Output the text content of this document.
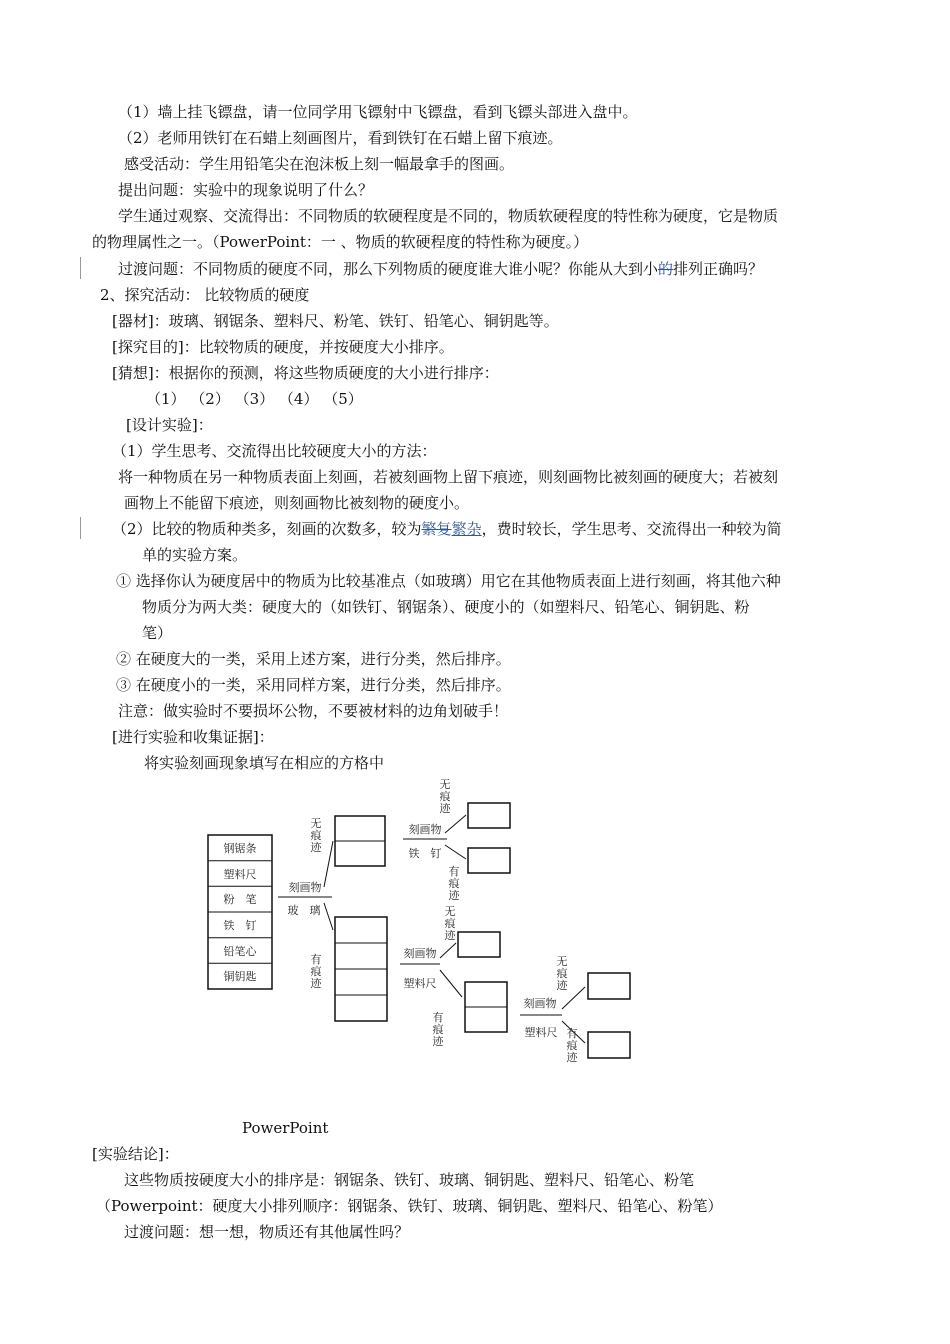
（1）墙上挂飞镖盘，请一位同学用飞镖射中飞镖盘，看到飞镖头部进入盘中。
（2）老师用铁钉在石蜡上刻画图片，看到铁钉在石蜡上留下痕迹。
感受活动：学生用铅笔尖在泡沫板上刻一幅最拿手的图画。
提出问题：实验中的现象说明了什么？
学生通过观察、交流得出：不同物质的软硬程度是不同的，物质软硬程度的特性称为硬度，它是物质
的物理属性之一。（PowerPoint：一 、物质的软硬程度的特性称为硬度。）
过渡问题：不同物质的硬度不同，那么下列物质的硬度谁大谁小呢？你能从大到小的排列正确吗？
2、探究活动： 比较物质的硬度
[器材]：玻璃、钢锯条、塑料尺、粉笔、铁钉、铅笔心、铜钥匙等。
[探究目的]：比较物质的硬度，并按硬度大小排序。
[猜想]：根据你的预测，将这些物质硬度的大小进行排序：
（1） （2） （3） （4） （5）
[设计实验]：
（1）学生思考、交流得出比较硬度大小的方法：
将一种物质在另一种物质表面上刻画，若被刻画物上留下痕迹，则刻画物比被刻画的硬度大；若被刻
画物上不能留下痕迹，则刻画物比被刻物的硬度小。
（2）比较的物质种类多，刻画的次数多，较为繁复繁杂，费时较长，学生思考、交流得出一种较为简
单的实验方案。
① 选择你认为硬度居中的物质为比较基准点（如玻璃）用它在其他物质表面上进行刻画，将其他六种
物质分为两大类：硬度大的（如铁钉、钢锯条）、硬度小的（如塑料尺、铅笔心、铜钥匙、粉
笔）
② 在硬度大的一类，采用上述方案，进行分类，然后排序。
③ 在硬度小的一类，采用同样方案，进行分类，然后排序。
注意：做实验时不要损坏公物，不要被材料的边角划破手！
[进行实验和收集证据]：
将实验刻画现象填写在相应的方格中
钢锯条
塑料尺
粉　笔
铁　钉
铅笔心
铜钥匙
刻画物
玻　璃
无
痕
迹
有
痕
迹
无
痕
迹
刻画物
铁　钉
有
痕
迹
无
痕
迹
刻画物
塑料尺
有
痕
迹
无
痕
迹
刻画物
塑料尺 有
痕
迹
PowerPoint
[实验结论]：
这些物质按硬度大小的排序是：钢锯条、铁钉、玻璃、铜钥匙、塑料尺、铅笔心、粉笔
（Powerpoint：硬度大小排列顺序：钢锯条、铁钉、玻璃、铜钥匙、塑料尺、铅笔心、粉笔）
过渡问题：想一想，物质还有其他属性吗？
